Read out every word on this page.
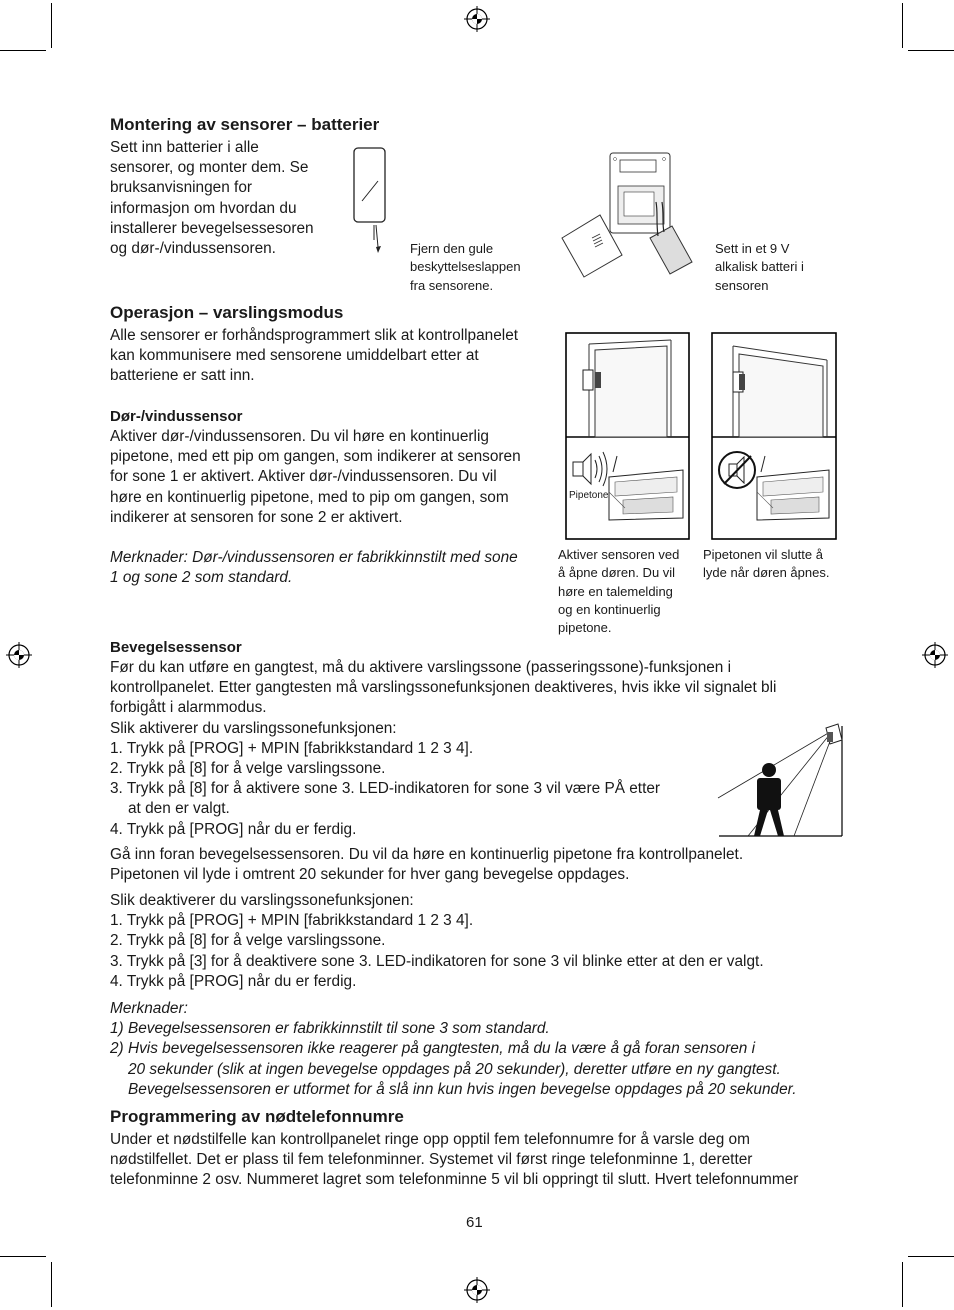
Montering av sensorer – batterier
Sett inn batterier i alle
sensorer, og monter dem. Se
bruksanvisningen for
informasjon om hvordan du
installerer bevegelsessesoren
og dør-/vindussensoren.	Fjern den gule
beskyttelseslappen
fra sensorene.
Sett in et 9 V
alkalisk batteri i
sensoren
Operasjon – varslingsmodus
Alle sensorer er forhåndsprogrammert slik at kontrollpanelet
kan kommunisere med sensorene umiddelbart etter at
batteriene er satt inn.
Dør-/vindussensor
Aktiver dør-/vindussensoren. Du vil høre en kontinuerlig
pipetone, med ett pip om gangen, som indikerer at sensoren
for sone 1 er aktivert. Aktiver dør-/vindussensoren. Du vil
høre en kontinuerlig pipetone, med to pip om gangen, som
indikerer at sensoren for sone 2 er aktivert.
Merknader: Dør-/vindussensoren er fabrikkinnstilt med sone
1 og sone 2 som standard.
Pipetone
Aktiver sensoren ved
å åpne døren. Du vil
høre en talemelding
og en kontinuerlig
pipetone.
Pipetonen vil slutte å
lyde når døren åpnes.
Bevegelsessensor
Før du kan utføre en gangtest, må du aktivere varslingssone (passeringssone)-funksjonen i
kontrollpanelet. Etter gangtesten må varslingssonefunksjonen deaktiveres, hvis ikke vil signalet bli
forbigått i alarmmodus.
Slik aktiverer du varslingssonefunksjonen:
1. Trykk på [PROG] + MPIN [fabrikkstandard 1 2 3 4].
2. Trykk på [8] for å velge varslingssone.
3. Trykk på [8] for å aktivere sone 3. LED-indikatoren for sone 3 vil være PÅ etter
at den er valgt.
4. Trykk på [PROG] når du er ferdig.
Gå inn foran bevegelsessensoren. Du vil da høre en kontinuerlig pipetone fra kontrollpanelet.
Pipetonen vil lyde i omtrent 20 sekunder for hver gang bevegelse oppdages.
Slik deaktiverer du varslingssonefunksjonen:
1. Trykk på [PROG] + MPIN [fabrikkstandard 1 2 3 4].
2. Trykk på [8] for å velge varslingssone.
3. Trykk på [3] for å deaktivere sone 3. LED-indikatoren for sone 3 vil blinke etter at den er valgt.
4. Trykk på [PROG] når du er ferdig.
Merknader:
1) Bevegelsessensoren er fabrikkinnstilt til sone 3 som standard.
2) Hvis bevegelsessensoren ikke reagerer på gangtesten, må du la være å gå foran sensoren i
20 sekunder (slik at ingen bevegelse oppdages på 20 sekunder), deretter utføre en ny gangtest.
Bevegelsessensoren er utformet for å slå inn kun hvis ingen bevegelse oppdages på 20 sekunder.
Programmering av nødtelefonnumre
Under et nødstilfelle kan kontrollpanelet ringe opp opptil fem telefonnumre for å varsle deg om
nødstilfellet. Det er plass til fem telefonminner. Systemet vil først ringe telefonminne 1, deretter
telefonminne 2 osv. Nummeret lagret som telefonminne 5 vil bli oppringt til slutt. Hvert telefonnummer
61
